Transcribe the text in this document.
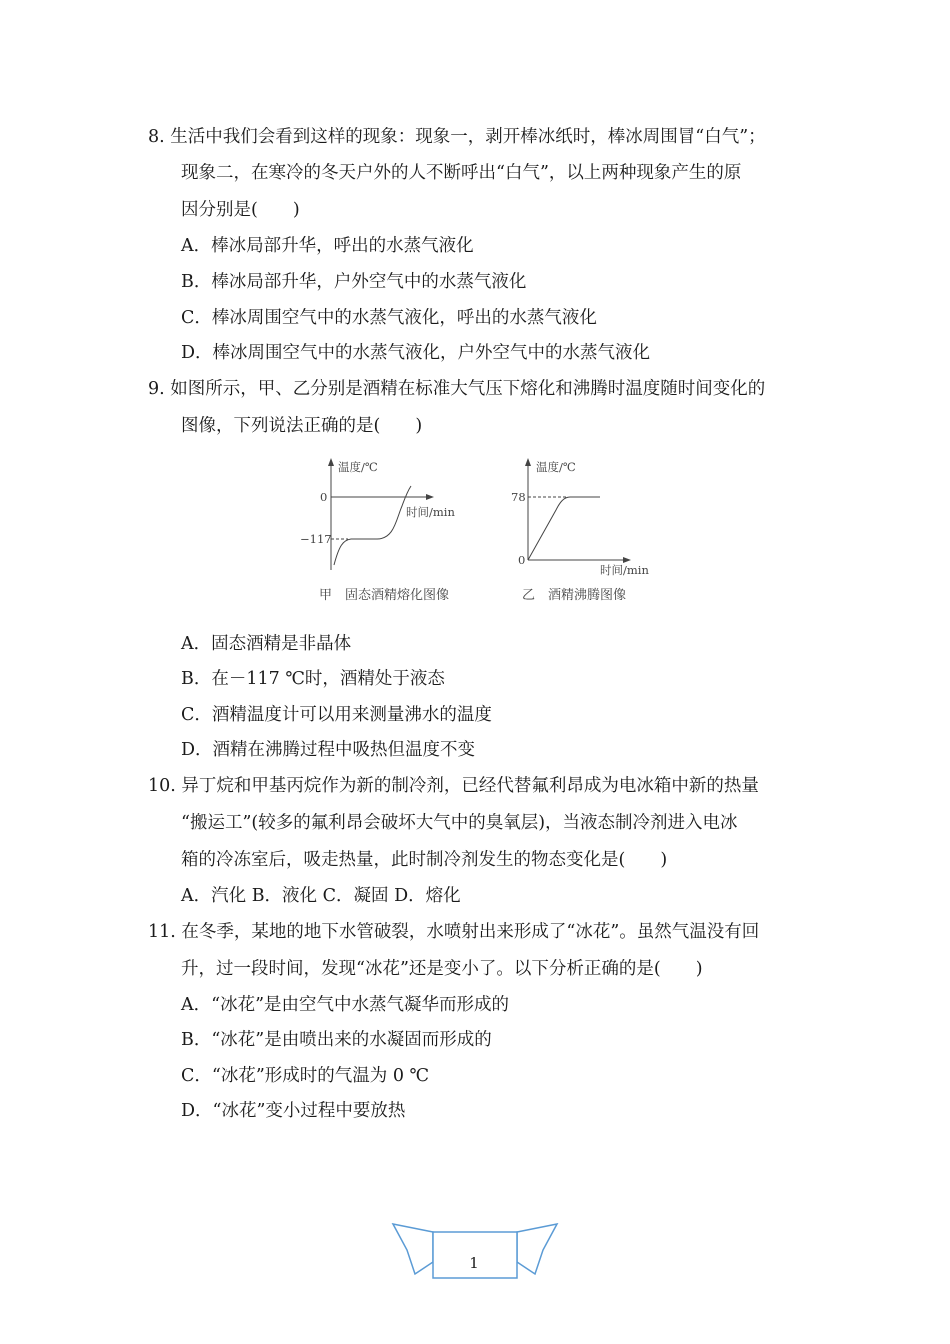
8. 生活中我们会看到这样的现象：现象一，剥开棒冰纸时，棒冰周围冒“白气”；
现象二，在寒冷的冬天户外的人不断呼出“白气”，以上两种现象产生的原
因分别是(　　)
A．棒冰局部升华，呼出的水蒸气液化
B．棒冰局部升华，户外空气中的水蒸气液化
C．棒冰周围空气中的水蒸气液化，呼出的水蒸气液化
D．棒冰周围空气中的水蒸气液化，户外空气中的水蒸气液化
9. 如图所示，甲、乙分别是酒精在标准大气压下熔化和沸腾时温度随时间变化的
图像，下列说法正确的是(　　)
温度/℃
时间/min
0
−117
甲　固态酒精熔化图像
温度/℃
时间/min
78
0
乙　酒精沸腾图像
A．固态酒精是非晶体
B．在－117 ℃时，酒精处于液态
C．酒精温度计可以用来测量沸水的温度
D．酒精在沸腾过程中吸热但温度不变
10. 异丁烷和甲基丙烷作为新的制冷剂，已经代替氟利昂成为电冰箱中新的热量
“搬运工”(较多的氟利昂会破坏大气中的臭氧层)，当液态制冷剂进入电冰
箱的冷冻室后，吸走热量，此时制冷剂发生的物态变化是(　　)
A．汽化 B．液化 C．凝固 D．熔化
11. 在冬季，某地的地下水管破裂，水喷射出来形成了“冰花”。虽然气温没有回
升，过一段时间，发现“冰花”还是变小了。以下分析正确的是(　　)
A．“冰花”是由空气中水蒸气凝华而形成的
B．“冰花”是由喷出来的水凝固而形成的
C．“冰花”形成时的气温为 0 ℃
D．“冰花”变小过程中要放热
1
